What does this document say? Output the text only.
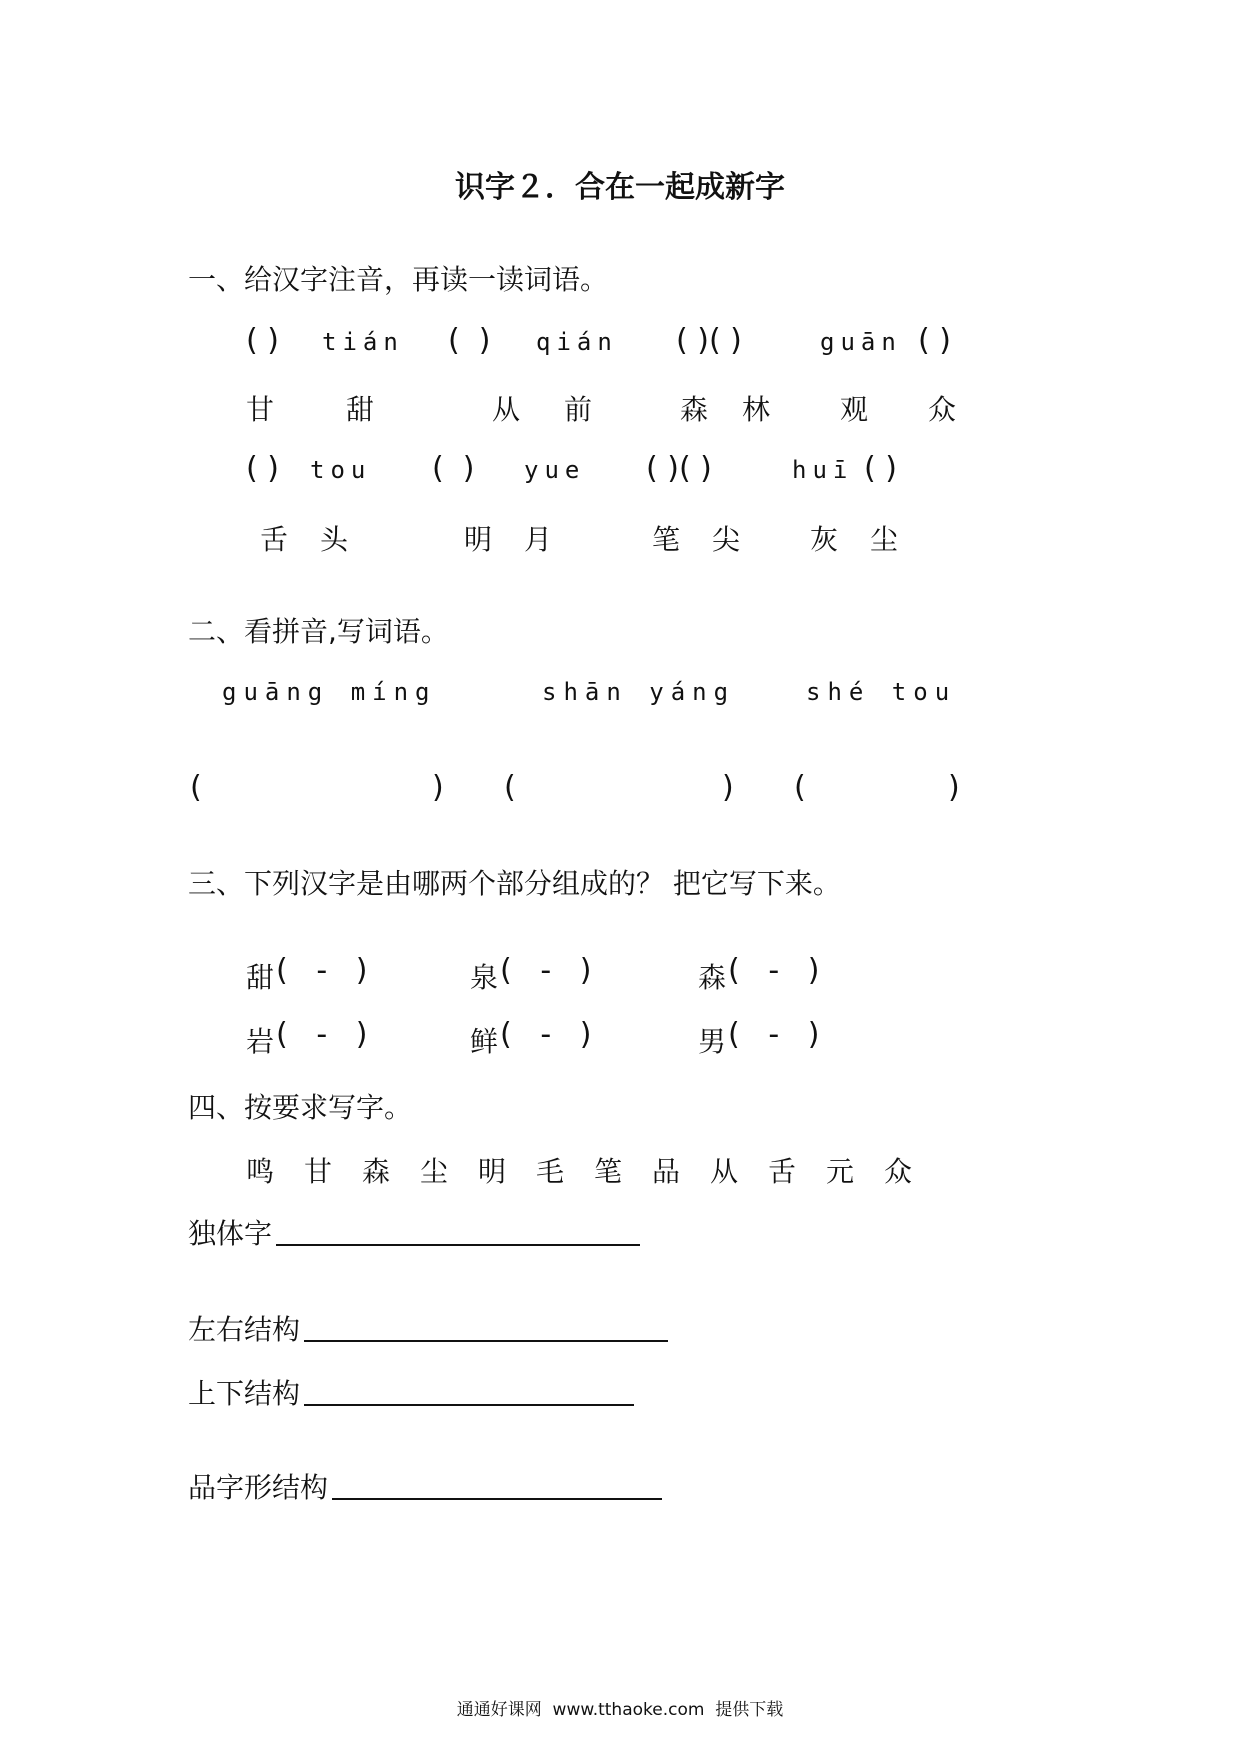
识字２．合在一起成新字
一、给汉字注音，再读一读词语。
( ) tián (  ) qián ( )( )	guān ( )
甘	甜	从 前	森 林 观 众
( ) tou (  ) yue ( )( )	huī ( )
舌 头	明 月	笔 尖 灰 尘
二、看拼音,写词语。
guāng míng	shān yáng	shé tou
(	) (	) (	)
三、下列汉字是由哪两个部分组成的？ 把它写下来。
甜 (   -   )	泉 (   -   )	森 (   -   )
岩 (   -   )	鲜 (   -   )	男 (   -   )
四、按要求写字。
鸣 甘 森 尘 明 毛 笔 品 从 舌 元 众
独体字
左右结构
上下结构
品字形结构
通通好课网  www.tthaoke.com  提供下载
